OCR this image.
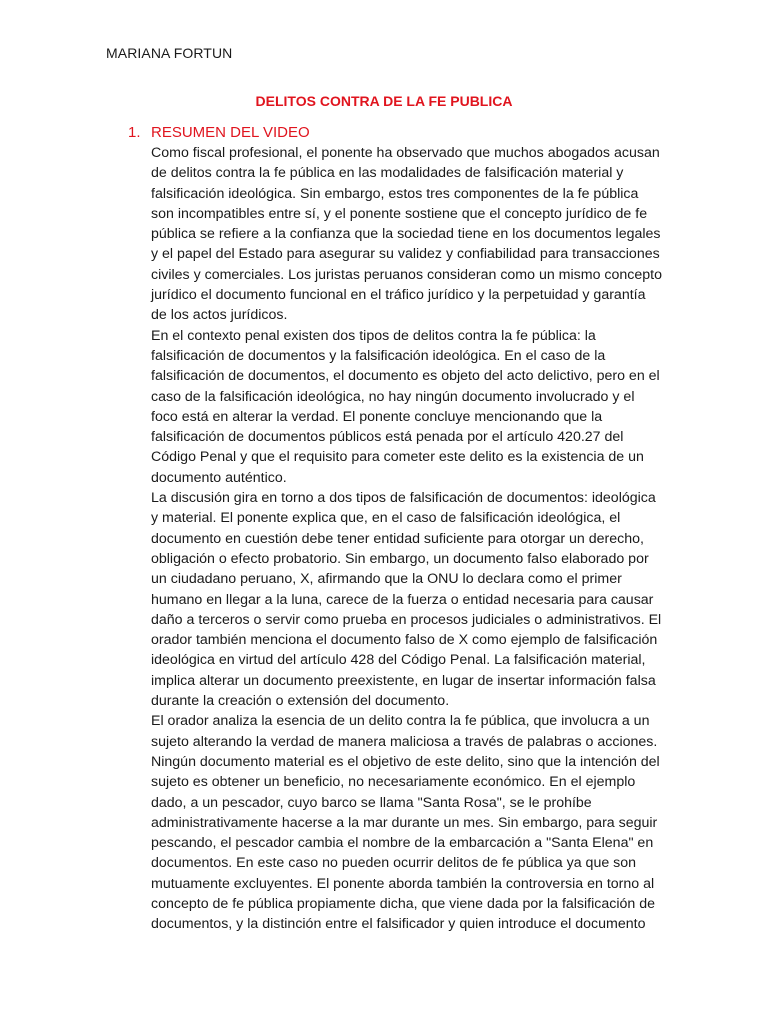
MARIANA FORTUN
DELITOS CONTRA DE LA FE PUBLICA
1. RESUMEN DEL VIDEO

Como fiscal profesional, el ponente ha observado que muchos abogados acusan de delitos contra la fe pública en las modalidades de falsificación material y falsificación ideológica. Sin embargo, estos tres componentes de la fe pública son incompatibles entre sí, y el ponente sostiene que el concepto jurídico de fe pública se refiere a la confianza que la sociedad tiene en los documentos legales y el papel del Estado para asegurar su validez y confiabilidad para transacciones civiles y comerciales. Los juristas peruanos consideran como un mismo concepto jurídico el documento funcional en el tráfico jurídico y la perpetuidad y garantía de los actos jurídicos.

En el contexto penal existen dos tipos de delitos contra la fe pública: la falsificación de documentos y la falsificación ideológica. En el caso de la falsificación de documentos, el documento es objeto del acto delictivo, pero en el caso de la falsificación ideológica, no hay ningún documento involucrado y el foco está en alterar la verdad. El ponente concluye mencionando que la falsificación de documentos públicos está penada por el artículo 420.27 del Código Penal y que el requisito para cometer este delito es la existencia de un documento auténtico.

La discusión gira en torno a dos tipos de falsificación de documentos: ideológica y material. El ponente explica que, en el caso de falsificación ideológica, el documento en cuestión debe tener entidad suficiente para otorgar un derecho, obligación o efecto probatorio. Sin embargo, un documento falso elaborado por un ciudadano peruano, X, afirmando que la ONU lo declara como el primer humano en llegar a la luna, carece de la fuerza o entidad necesaria para causar daño a terceros o servir como prueba en procesos judiciales o administrativos. El orador también menciona el documento falso de X como ejemplo de falsificación ideológica en virtud del artículo 428 del Código Penal. La falsificación material, implica alterar un documento preexistente, en lugar de insertar información falsa durante la creación o extensión del documento.

El orador analiza la esencia de un delito contra la fe pública, que involucra a un sujeto alterando la verdad de manera maliciosa a través de palabras o acciones. Ningún documento material es el objetivo de este delito, sino que la intención del sujeto es obtener un beneficio, no necesariamente económico. En el ejemplo dado, a un pescador, cuyo barco se llama "Santa Rosa", se le prohíbe administrativamente hacerse a la mar durante un mes. Sin embargo, para seguir pescando, el pescador cambia el nombre de la embarcación a "Santa Elena" en documentos. En este caso no pueden ocurrir delitos de fe pública ya que son mutuamente excluyentes. El ponente aborda también la controversia en torno al concepto de fe pública propiamente dicha, que viene dada por la falsificación de documentos, y la distinción entre el falsificador y quien introduce el documento
